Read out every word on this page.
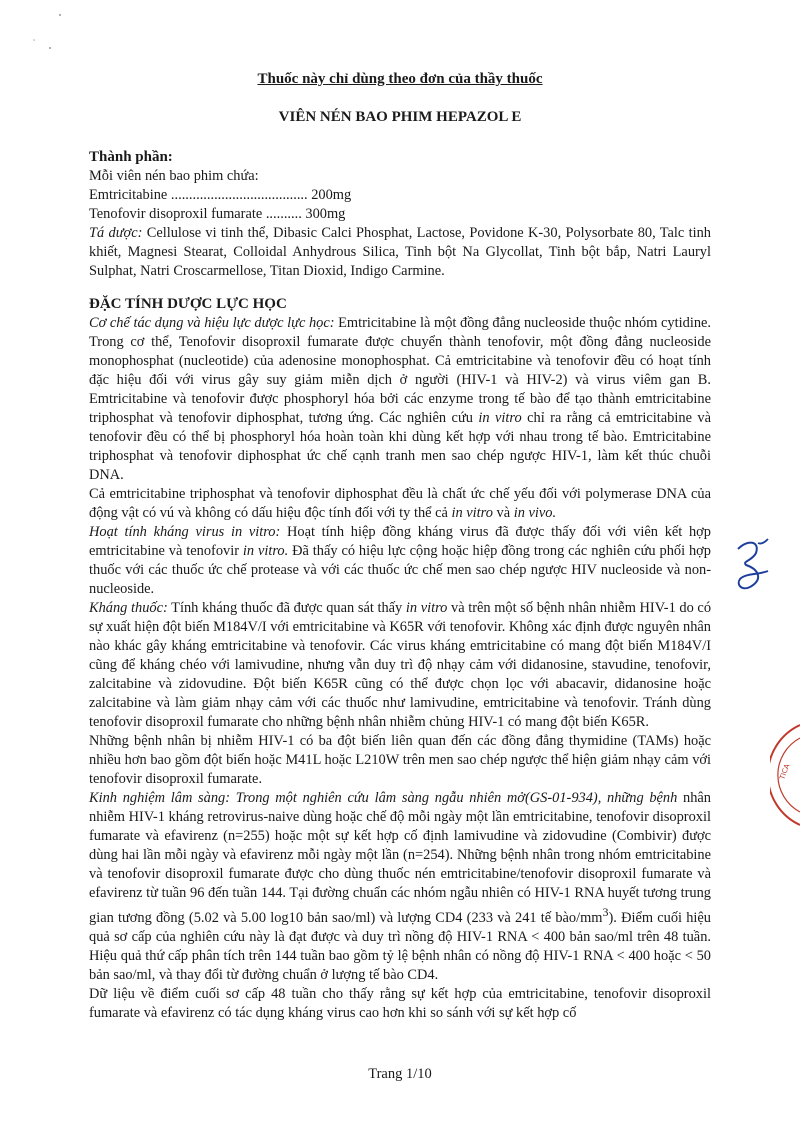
Thuốc này chỉ dùng theo đơn của thầy thuốc
VIÊN NÉN BAO PHIM HEPAZOL E

Thành phần:

Mỗi viên nén bao phim chứa:

Emtricitabine ...................................... 200mg

Tenofovir disoproxil fumarate .......... 300mg

Tá dược: Cellulose vi tinh thể, Dibasic Calci Phosphat, Lactose, Povidone K-30, Polysorbate 80, Talc tinh khiết, Magnesi Stearat, Colloidal Anhydrous Silica, Tinh bột Na Glycollat, Tinh bột bắp, Natri Lauryl Sulphat, Natri Croscarmellose, Titan Dioxid, Indigo Carmine.

ĐẶC TÍNH DƯỢC LỰC HỌC

Cơ chế tác dụng và hiệu lực dược lực học: Emtricitabine là một đồng đẳng nucleoside thuộc nhóm cytidine. Trong cơ thể, Tenofovir disoproxil fumarate được chuyển thành tenofovir, một đồng đẳng nucleoside monophosphat (nucleotide) của adenosine monophosphat. Cả emtricitabine và tenofovir đều có hoạt tính đặc hiệu đối với virus gây suy giảm miễn dịch ở người (HIV-1 và HIV-2) và virus viêm gan B. Emtricitabine và tenofovir được phosphoryl hóa bởi các enzyme trong tế bào để tạo thành emtricitabine triphosphat và tenofovir diphosphat, tương ứng. Các nghiên cứu in vitro chỉ ra rằng cả emtricitabine và tenofovir đều có thể bị phosphoryl hóa hoàn toàn khi dùng kết hợp với nhau trong tế bào. Emtricitabine triphosphat và tenofovir diphosphat ức chế cạnh tranh men sao chép ngược HIV-1, làm kết thúc chuỗi DNA.

Cả emtricitabine triphosphat và tenofovir diphosphat đều là chất ức chế yếu đối với polymerase DNA của động vật có vú và không có dấu hiệu độc tính đối với ty thể cả in vitro và in vivo.

Hoạt tính kháng virus in vitro: Hoạt tính hiệp đồng kháng virus đã được thấy đối với viên kết hợp emtricitabine và tenofovir in vitro. Đã thấy có hiệu lực cộng hoặc hiệp đồng trong các nghiên cứu phối hợp thuốc với các thuốc ức chế protease và với các thuốc ức chế men sao chép ngược HIV nucleoside và non-nucleoside.

Kháng thuốc: Tính kháng thuốc đã được quan sát thấy in vitro và trên một số bệnh nhân nhiễm HIV-1 do có sự xuất hiện đột biến M184V/I với emtricitabine và K65R với tenofovir. Không xác định được nguyên nhân nào khác gây kháng emtricitabine và tenofovir. Các virus kháng emtricitabine có mang đột biến M184V/I cũng để kháng chéo với lamivudine, nhưng vẫn duy trì độ nhạy cảm với didanosine, stavudine, tenofovir, zalcitabine và zidovudine. Đột biến K65R cũng có thể được chọn lọc với abacavir, didanosine hoặc zalcitabine và làm giảm nhạy cảm với các thuốc như lamivudine, emtricitabine và tenofovir. Tránh dùng tenofovir disoproxil fumarate cho những bệnh nhân nhiễm chủng HIV-1 có mang đột biến K65R.

Những bệnh nhân bị nhiễm HIV-1 có ba đột biến liên quan đến các đồng đẳng thymidine (TAMs) hoặc nhiều hơn bao gồm đột biến hoặc M41L hoặc L210W trên men sao chép ngược thể hiện giảm nhạy cảm với tenofovir disoproxil fumarate.

Kinh nghiệm lâm sàng: Trong một nghiên cứu lâm sàng ngẫu nhiên mở(GS-01-934), những bệnh nhân nhiễm HIV-1 kháng retrovirus-naive dùng hoặc chế độ mỗi ngày một lần emtricitabine, tenofovir disoproxil fumarate và efavirenz (n=255) hoặc một sự kết hợp cố định lamivudine và zidovudine (Combivir) được dùng hai lần mỗi ngày và efavirenz mỗi ngày một lần (n=254). Những bệnh nhân trong nhóm emtricitabine và tenofovir disoproxil fumarate được cho dùng thuốc nén emtricitabine/tenofovir disoproxil fumarate và efavirenz từ tuần 96 đến tuần 144. Tại đường chuẩn các nhóm ngẫu nhiên có HIV-1 RNA huyết tương trung gian tương đồng (5.02 và 5.00 log10 bản sao/ml) và lượng CD4 (233 và 241 tế bào/$mm^3$). Điểm cuối hiệu quả sơ cấp của nghiên cứu này là đạt được và duy trì nồng độ HIV-1 RNA < 400 bản sao/ml trên 48 tuần. Hiệu quả thứ cấp phân tích trên 144 tuần bao gồm tỷ lệ bệnh nhân có nồng độ HIV-1 RNA < 400 hoặc < 50 bản sao/ml, và thay đổi từ đường chuẩn ở lượng tế bào CD4.

Dữ liệu về điểm cuối sơ cấp 48 tuần cho thấy rằng sự kết hợp của emtricitabine, tenofovir disoproxil fumarate và efavirenz có tác dụng kháng virus cao hơn khi so sánh với sự kết hợp cố

TICA
Trang 1/10
